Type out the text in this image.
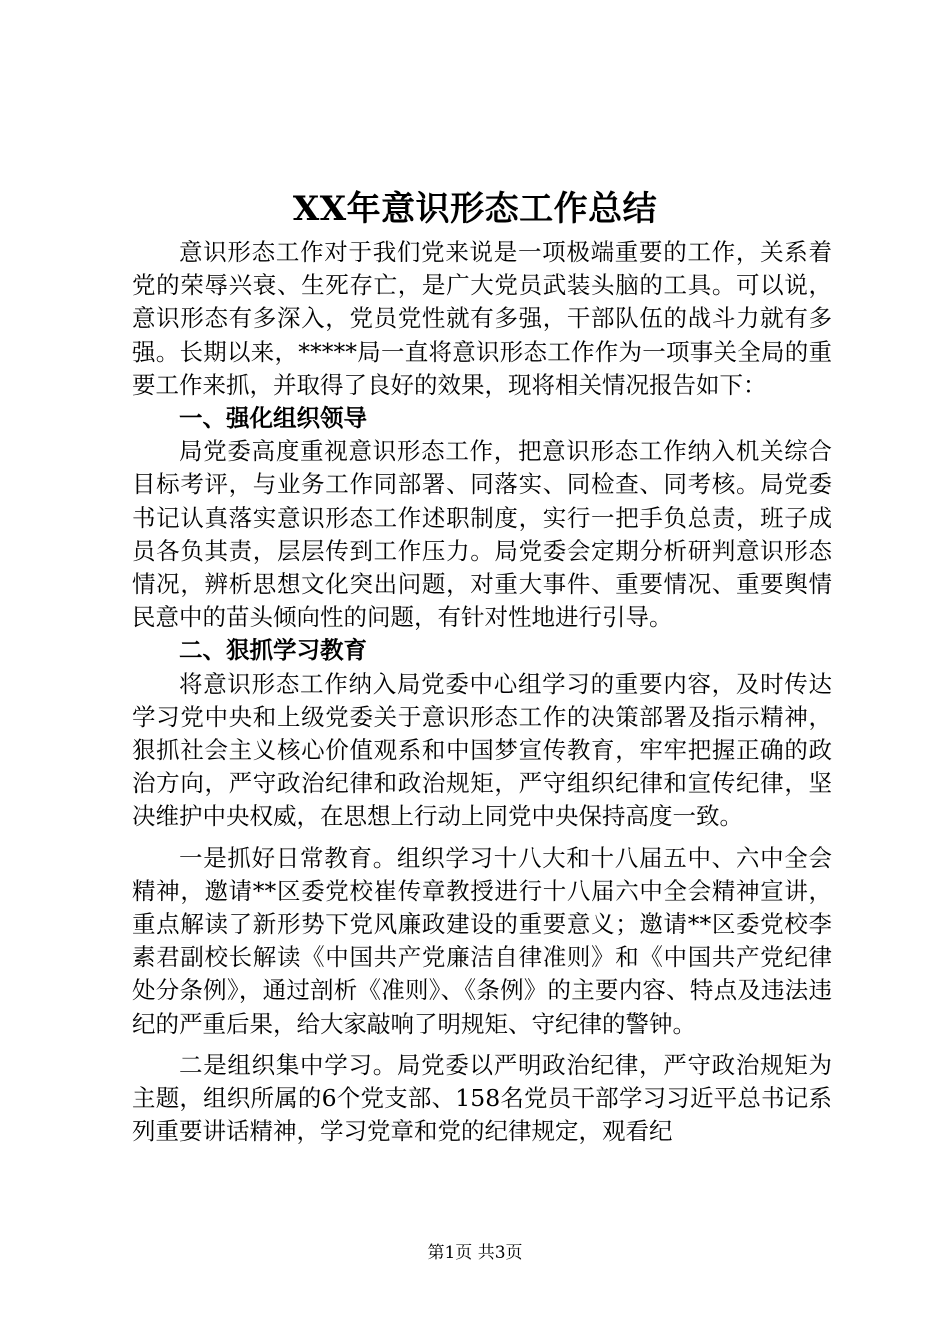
XX年意识形态工作总结

意识形态工作对于我们党来说是一项极端重要的工作，关系着党的荣辱兴衰、生死存亡，是广大党员武装头脑的工具。可以说，意识形态有多深入，党员党性就有多强，干部队伍的战斗力就有多强。长期以来，*****局一直将意识形态工作作为一项事关全局的重要工作来抓，并取得了良好的效果，现将相关情况报告如下：

一、强化组织领导

局党委高度重视意识形态工作，把意识形态工作纳入机关综合目标考评，与业务工作同部署、同落实、同检查、同考核。局党委书记认真落实意识形态工作述职制度，实行一把手负总责，班子成员各负其责，层层传到工作压力。局党委会定期分析研判意识形态情况，辨析思想文化突出问题，对重大事件、重要情况、重要舆情民意中的苗头倾向性的问题，有针对性地进行引导。

二、狠抓学习教育

将意识形态工作纳入局党委中心组学习的重要内容，及时传达学习党中央和上级党委关于意识形态工作的决策部署及指示精神，狠抓社会主义核心价值观系和中国梦宣传教育，牢牢把握正确的政治方向，严守政治纪律和政治规矩，严守组织纪律和宣传纪律，坚决维护中央权威，在思想上行动上同党中央保持高度一致。

一是抓好日常教育。组织学习十八大和十八届五中、六中全会精神，邀请**区委党校崔传章教授进行十八届六中全会精神宣讲，重点解读了新形势下党风廉政建设的重要意义；邀请**区委党校李素君副校长解读《中国共产党廉洁自律准则》和《中国共产党纪律处分条例》，通过剖析《准则》、《条例》的主要内容、特点及违法违纪的严重后果，给大家敲响了明规矩、守纪律的警钟。

二是组织集中学习。局党委以严明政治纪律，严守政治规矩为主题，组织所属的6个党支部、158名党员干部学习习近平总书记系列重要讲话精神，学习党章和党的纪律规定，观看纪

第1页 共3页
